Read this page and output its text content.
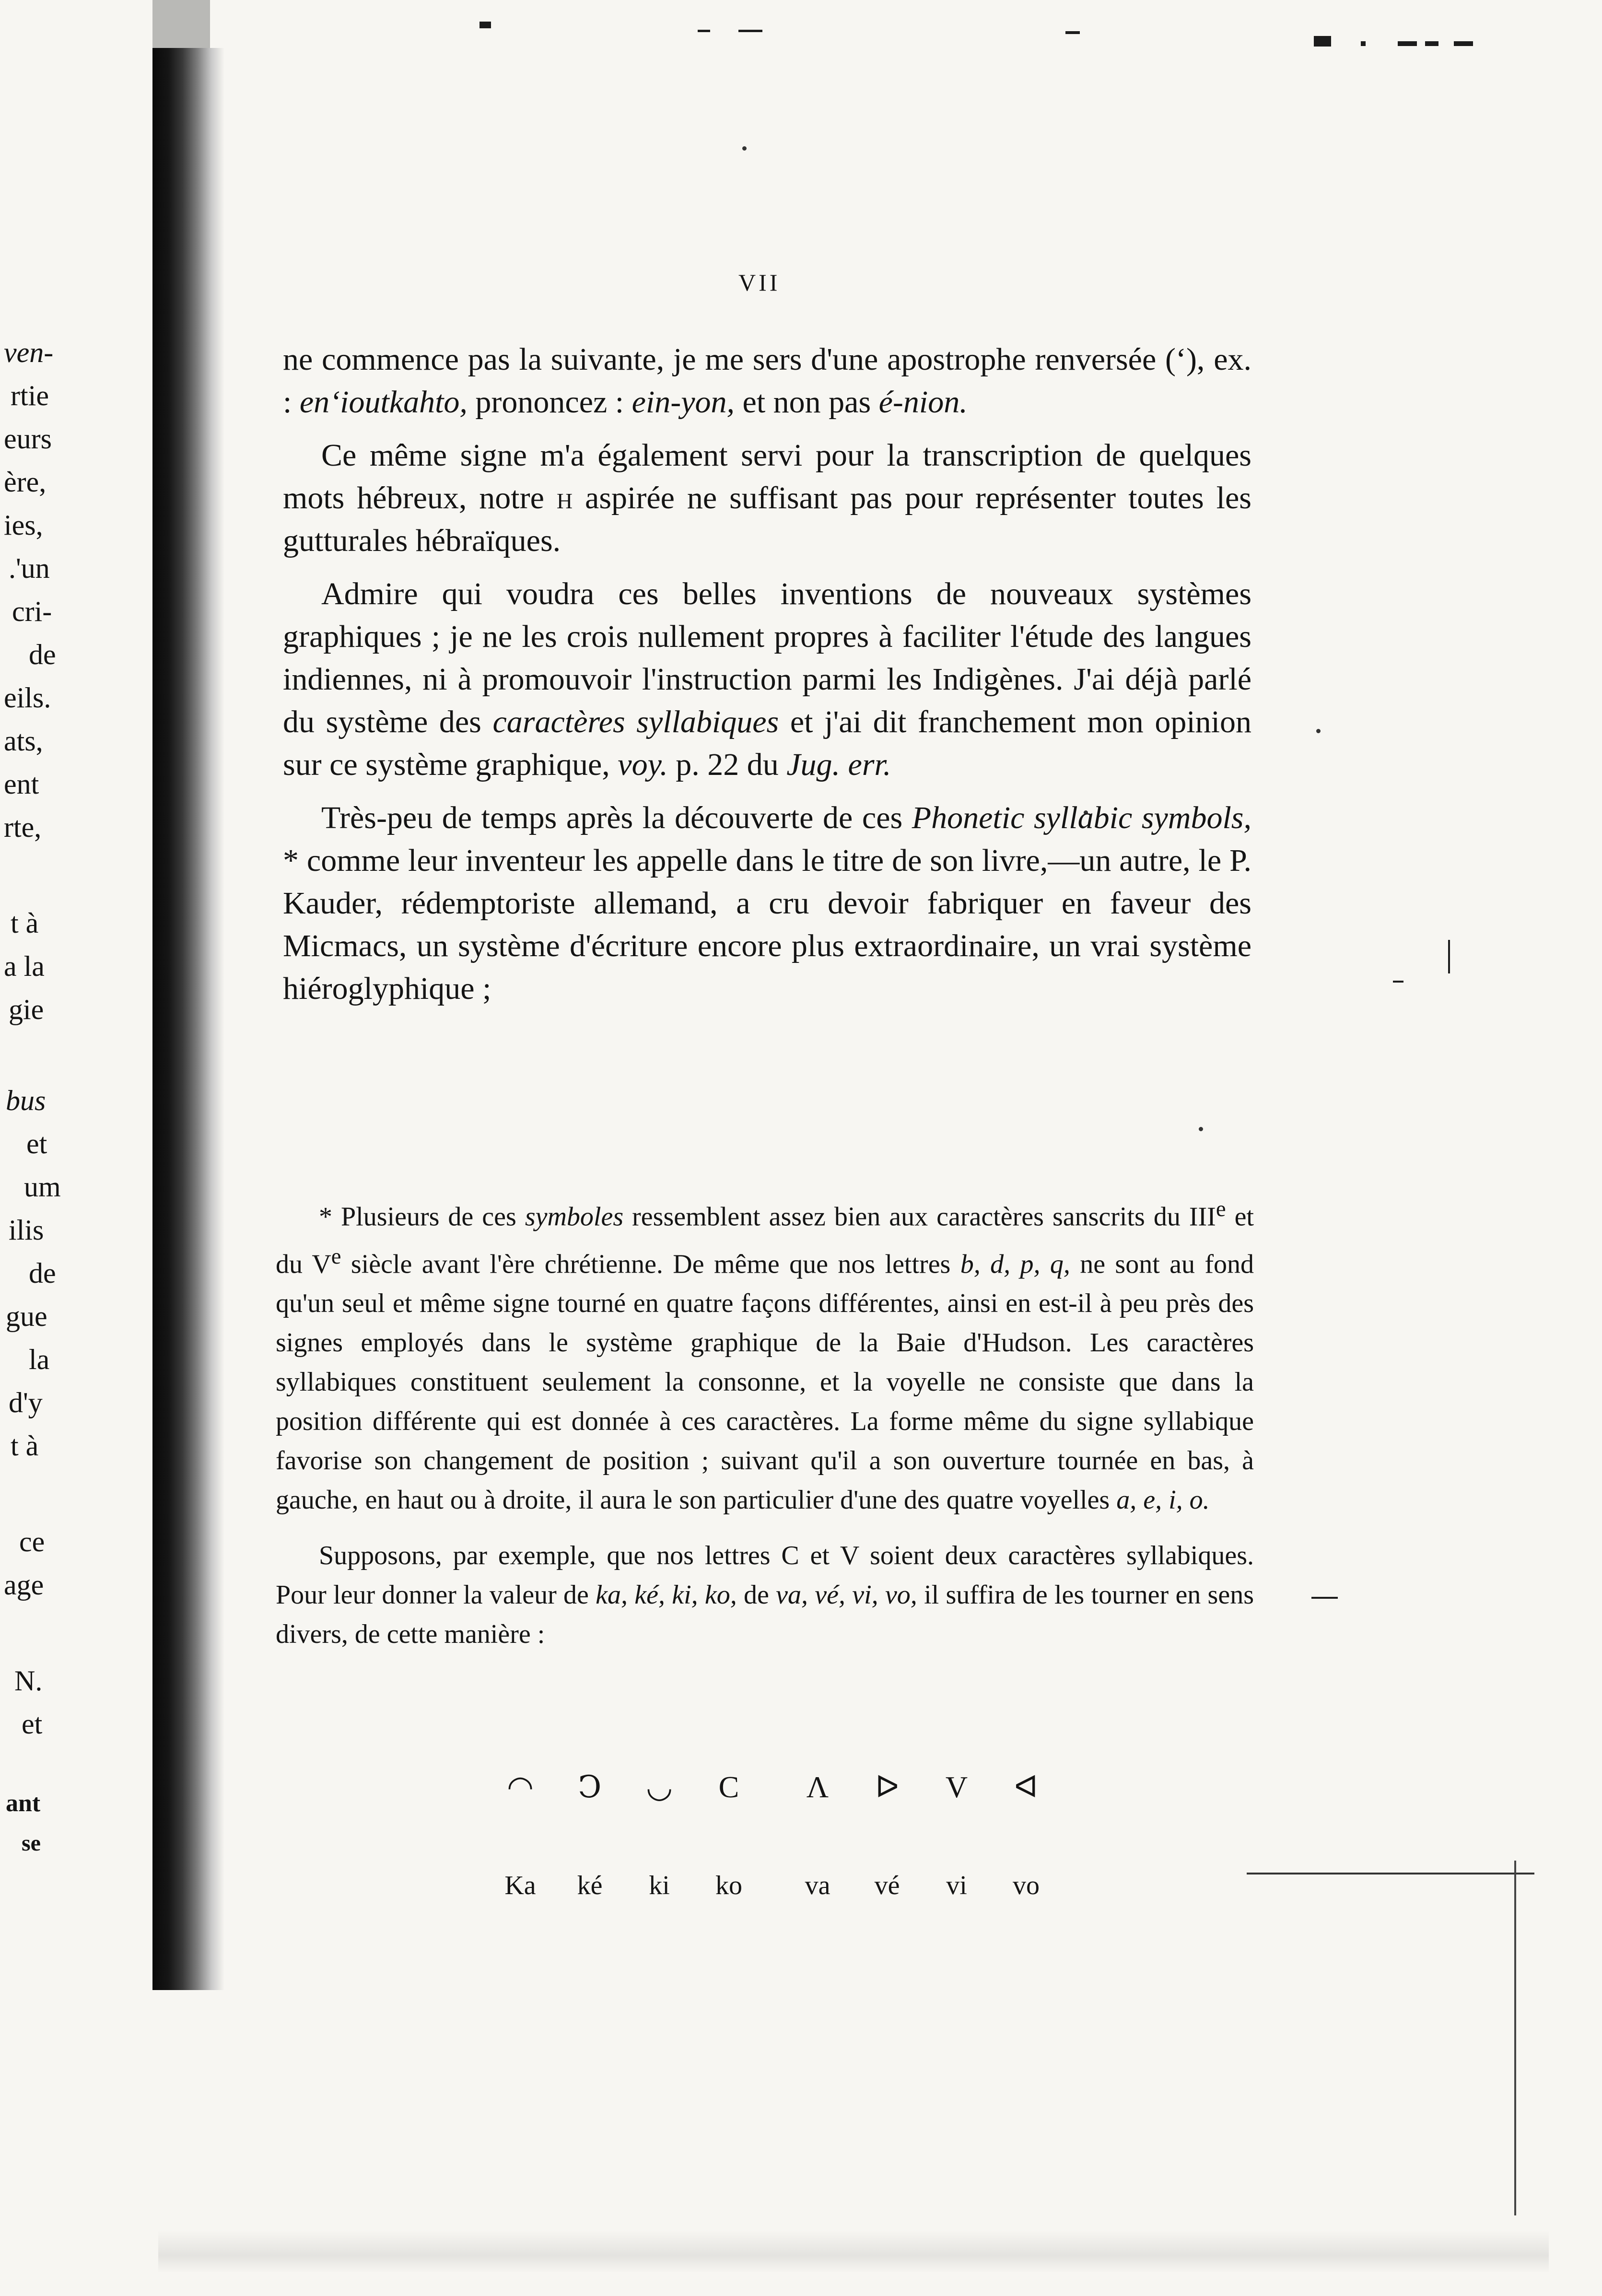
ven-
rtie
eurs
ère,
ies,
.'un
cri-
de
eils.
ats,
ent
rte,
t à
a la
gie
bus
et
um
ilis
de
gue
la
d'y
t à
ce
age
N.
et
ant
se
VII

ne commence pas la suivante, je me sers d'une apostrophe renversée (ʻ), ex. : enʻioutkahto, prononcez : ein-yon, et non pas é-nion.

Ce même signe m'a également servi pour la transcription de quelques mots hébreux, notre h aspirée ne suffisant pas pour représenter toutes les gutturales hébraïques.

Admire qui voudra ces belles inventions de nouveaux systèmes graphiques ; je ne les crois nullement propres à faciliter l'étude des langues indiennes, ni à promouvoir l'instruction parmi les Indigènes. J'ai déjà parlé du système des caractères syllabiques et j'ai dit franchement mon opinion sur ce système graphique, voy. p. 22 du Jug. err.

Très-peu de temps après la découverte de ces Phonetic syllabic symbols, * comme leur inventeur les appelle dans le titre de son livre,—un autre, le P. Kauder, rédemptoriste allemand, a cru devoir fabriquer en faveur des Micmacs, un système d'écriture encore plus extraordinaire, un vrai système hiéroglyphique ;

* Plusieurs de ces symboles ressemblent assez bien aux caractères sanscrits du IIIe et du Ve siècle avant l'ère chrétienne. De même que nos lettres b, d, p, q, ne sont au fond qu'un seul et même signe tourné en quatre façons différentes, ainsi en est-il à peu près des signes employés dans le système graphique de la Baie d'Hudson. Les caractères syllabiques constituent seulement la consonne, et la voyelle ne consiste que dans la position différente qui est donnée à ces caractères. La forme même du signe syllabique favorise son changement de position ; suivant qu'il a son ouverture tournée en bas, à gauche, en haut ou à droite, il aura le son particulier d'une des quatre voyelles a, e, i, o.

Supposons, par exemple, que nos lettres C et V soient deux caractères syllabiques. Pour leur donner la valeur de ka, ké, ki, ko, de va, vé, vi, vo, il suffira de les tourner en sens divers, de cette manière :

◠	Ↄ	◡	C	Λ	ᐅ	V	ᐊ
Ka	ké	ki	ko	va	vé	vi	vo
